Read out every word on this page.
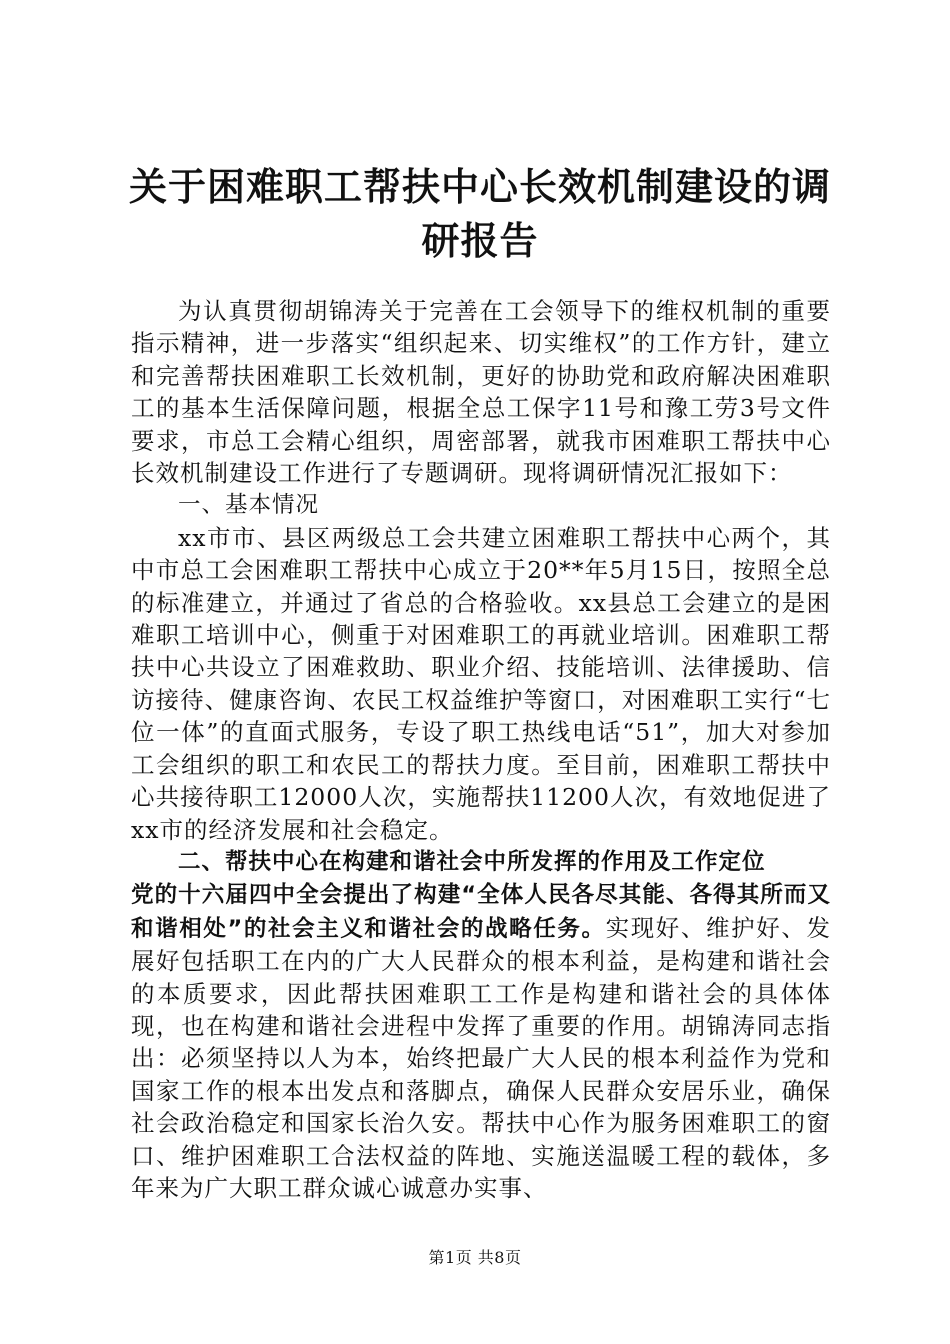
关于困难职工帮扶中心长效机制建设的调研报告

为认真贯彻胡锦涛关于完善在工会领导下的维权机制的重要指示精神，进一步落实“组织起来、切实维权”的工作方针，建立和完善帮扶困难职工长效机制，更好的协助党和政府解决困难职工的基本生活保障问题，根据全总工保字11号和豫工劳3号文件要求，市总工会精心组织，周密部署，就我市困难职工帮扶中心长效机制建设工作进行了专题调研。现将调研情况汇报如下：

一、基本情况

xx市市、县区两级总工会共建立困难职工帮扶中心两个，其中市总工会困难职工帮扶中心成立于20**年5月15日，按照全总的标准建立，并通过了省总的合格验收。xx县总工会建立的是困难职工培训中心，侧重于对困难职工的再就业培训。困难职工帮扶中心共设立了困难救助、职业介绍、技能培训、法律援助、信访接待、健康咨询、农民工权益维护等窗口，对困难职工实行“七位一体”的直面式服务，专设了职工热线电话“51”，加大对参加工会组织的职工和农民工的帮扶力度。至目前，困难职工帮扶中心共接待职工12000人次，实施帮扶11200人次，有效地促进了xx市的经济发展和社会稳定。

二、帮扶中心在构建和谐社会中所发挥的作用及工作定位

党的十六届四中全会提出了构建“全体人民各尽其能、各得其所而又和谐相处”的社会主义和谐社会的战略任务。实现好、维护好、发展好包括职工在内的广大人民群众的根本利益，是构建和谐社会的本质要求，因此帮扶困难职工工作是构建和谐社会的具体体现，也在构建和谐社会进程中发挥了重要的作用。胡锦涛同志指出：必须坚持以人为本，始终把最广大人民的根本利益作为党和国家工作的根本出发点和落脚点，确保人民群众安居乐业，确保社会政治稳定和国家长治久安。帮扶中心作为服务困难职工的窗口、维护困难职工合法权益的阵地、实施送温暖工程的载体，多年来为广大职工群众诚心诚意办实事、

第1页 共8页
